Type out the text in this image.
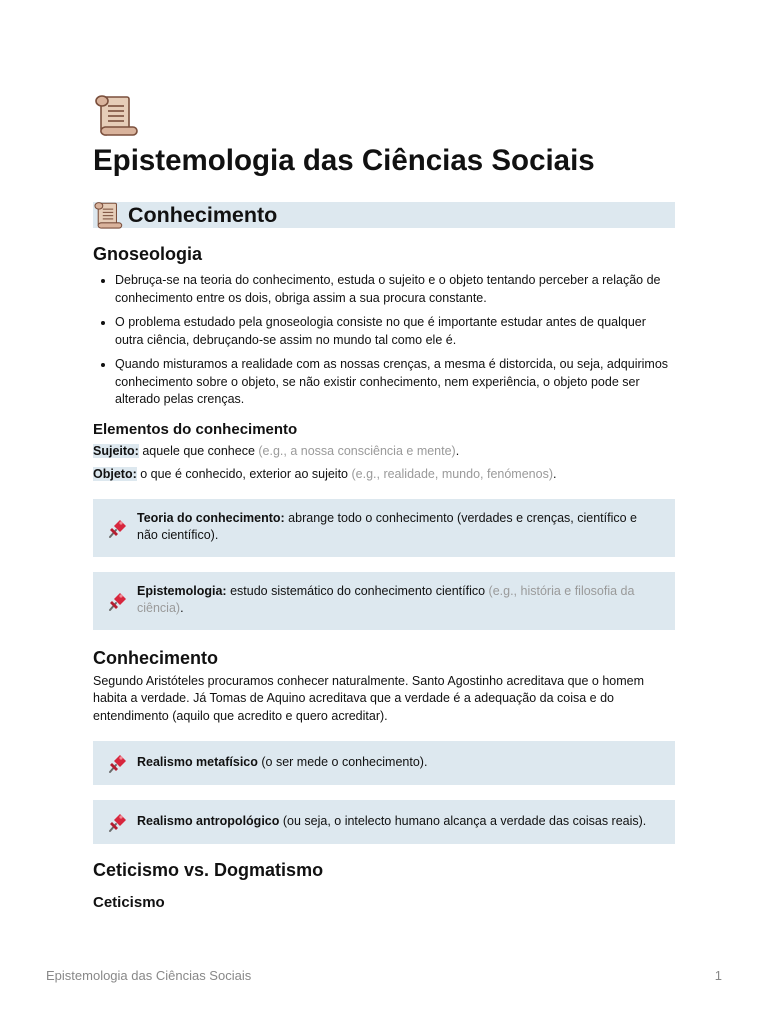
Epistemologia das Ciências Sociais
Conhecimento
Gnoseologia
• Debruça-se na teoria do conhecimento, estuda o sujeito e o objeto tentando perceber a relação de conhecimento entre os dois, obriga assim a sua procura constante.
• O problema estudado pela gnoseologia consiste no que é importante estudar antes de qualquer outra ciência, debruçando-se assim no mundo tal como ele é.
• Quando misturamos a realidade com as nossas crenças, a mesma é distorcida, ou seja, adquirimos conhecimento sobre o objeto, se não existir conhecimento, nem experiência, o objeto pode ser alterado pelas crenças.
Elementos do conhecimento
Sujeito: aquele que conhece (e.g., a nossa consciência e mente).
Objeto: o que é conhecido, exterior ao sujeito (e.g., realidade, mundo, fenómenos).
Teoria do conhecimento: abrange todo o conhecimento (verdades e crenças, científico e não científico).
Epistemologia: estudo sistemático do conhecimento científico (e.g., história e filosofia da ciência).
Conhecimento
Segundo Aristóteles procuramos conhecer naturalmente. Santo Agostinho acreditava que o homem habita a verdade. Já Tomas de Aquino acreditava que a verdade é a adequação da coisa e do entendimento (aquilo que acredito e quero acreditar).
Realismo metafísico (o ser mede o conhecimento).
Realismo antropológico (ou seja, o intelecto humano alcança a verdade das coisas reais).
Ceticismo vs. Dogmatismo
Ceticismo
Epistemologia das Ciências Sociais	1
